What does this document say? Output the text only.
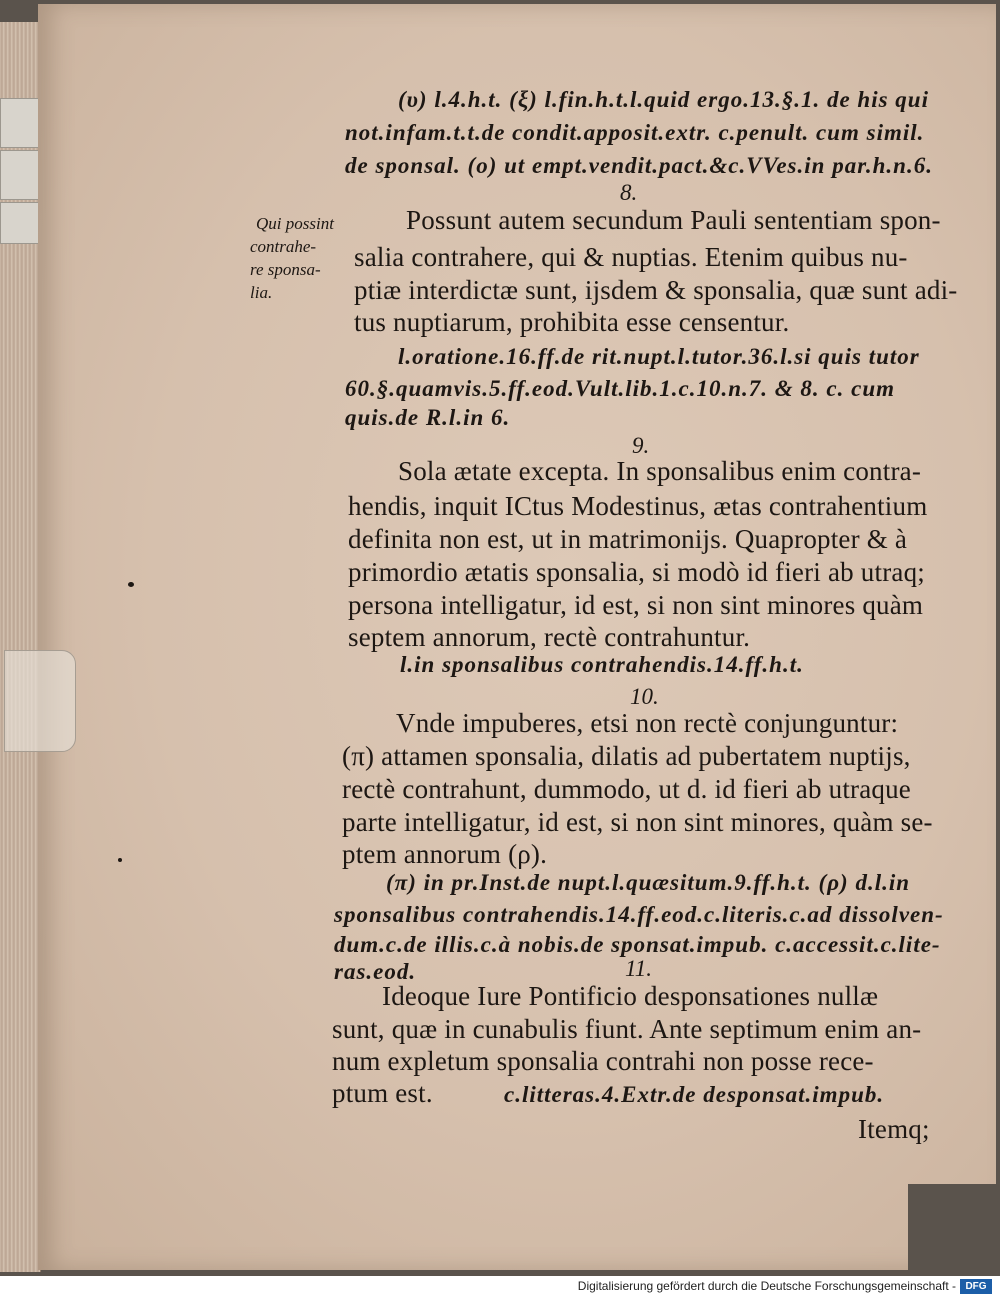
(υ) l.4.h.t. (ξ) l.fin.h.t.l.quid ergo.13.§.1. de his qui
not.infam.t.t.de condit.apposit.extr. c.penult. cum simil.
de sponsal. (ο) ut empt.vendit.pact.&c.VVes.in par.h.n.6.
8.
Qui possint
contrahe-
re sponsa-
lia.
Possunt autem secundum Pauli sententiam spon-
salia contrahere, qui & nuptias. Etenim quibus nu-
ptiæ interdictæ sunt, ijsdem & sponsalia, quæ sunt adi-
tus nuptiarum, prohibita esse censentur.
l.oratione.16.ff.de rit.nupt.l.tutor.36.l.si quis tutor
60.§.quamvis.5.ff.eod.Vult.lib.1.c.10.n.7. & 8. c. cum
quis.de R.l.in 6.
9.
Sola ætate excepta. In sponsalibus enim contra-
hendis, inquit ICtus Modestinus, ætas contrahentium
definita non est, ut in matrimonijs. Quapropter & à
primordio ætatis sponsalia, si modò id fieri ab utraq;
persona intelligatur, id est, si non sint minores quàm
septem annorum, rectè contrahuntur.
l.in sponsalibus contrahendis.14.ff.h.t.
10.
Vnde impuberes, etsi non rectè conjunguntur:
(π) attamen sponsalia, dilatis ad pubertatem nuptijs,
rectè contrahunt, dummodo, ut d. id fieri ab utraque
parte intelligatur, id est, si non sint minores, quàm se-
ptem annorum (ρ).
(π) in pr.Inst.de nupt.l.quæsitum.9.ff.h.t. (ρ) d.l.in
sponsalibus contrahendis.14.ff.eod.c.literis.c.ad dissolven-
dum.c.de illis.c.à nobis.de sponsat.impub. c.accessit.c.lite-
ras.eod.	11.
Ideoque Iure Pontificio desponsationes nullæ
sunt, quæ in cunabulis fiunt. Ante septimum enim an-
num expletum sponsalia contrahi non posse rece-
ptum est.	c.litteras.4.Extr.de desponsat.impub.
Itemq;
Digitalisierung gefördert durch die Deutsche Forschungsgemeinschaft - DFG
